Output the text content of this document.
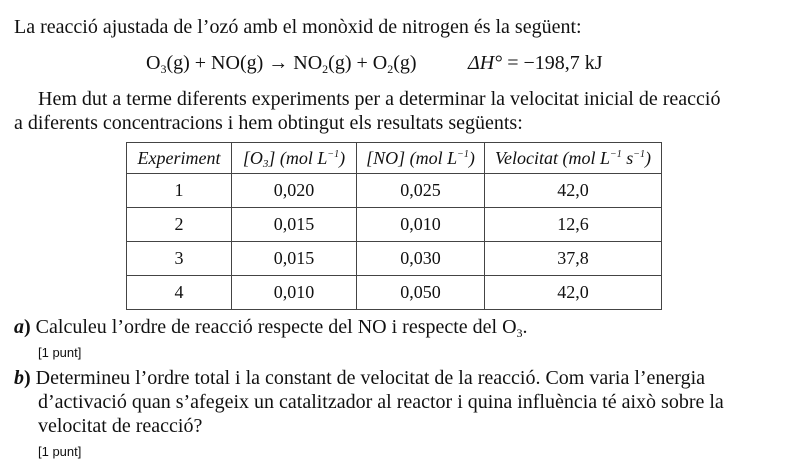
La reacció ajustada de l’ozó amb el monòxid de nitrogen és la següent:
$O_3(g) + NO(g) \to NO_2(g) + O_2(g)$	ΔH° = −198,7 kJ
Hem dut a terme diferents experiments per a determinar la velocitat inicial de reacció
a diferents concentracions i hem obtingut els resultats següents:
Experiment	$[O_3]$ (mol $L^{-1}$)	[NO] (mol $L^{-1}$)	Velocitat (mol $L^{-1}$ $s^{-1}$)
1	0,020	0,025	42,0
2	0,015	0,010	12,6
3	0,015	0,030	37,8
4	0,010	0,050	42,0
a) Calculeu l’ordre de reacció respecte del NO i respecte del $O_3$.
[1 punt]
b) Determineu l’ordre total i la constant de velocitat de la reacció. Com varia l’energia
d’activació quan s’afegeix un catalitzador al reactor i quina influència té això sobre la
velocitat de reacció?
[1 punt]
